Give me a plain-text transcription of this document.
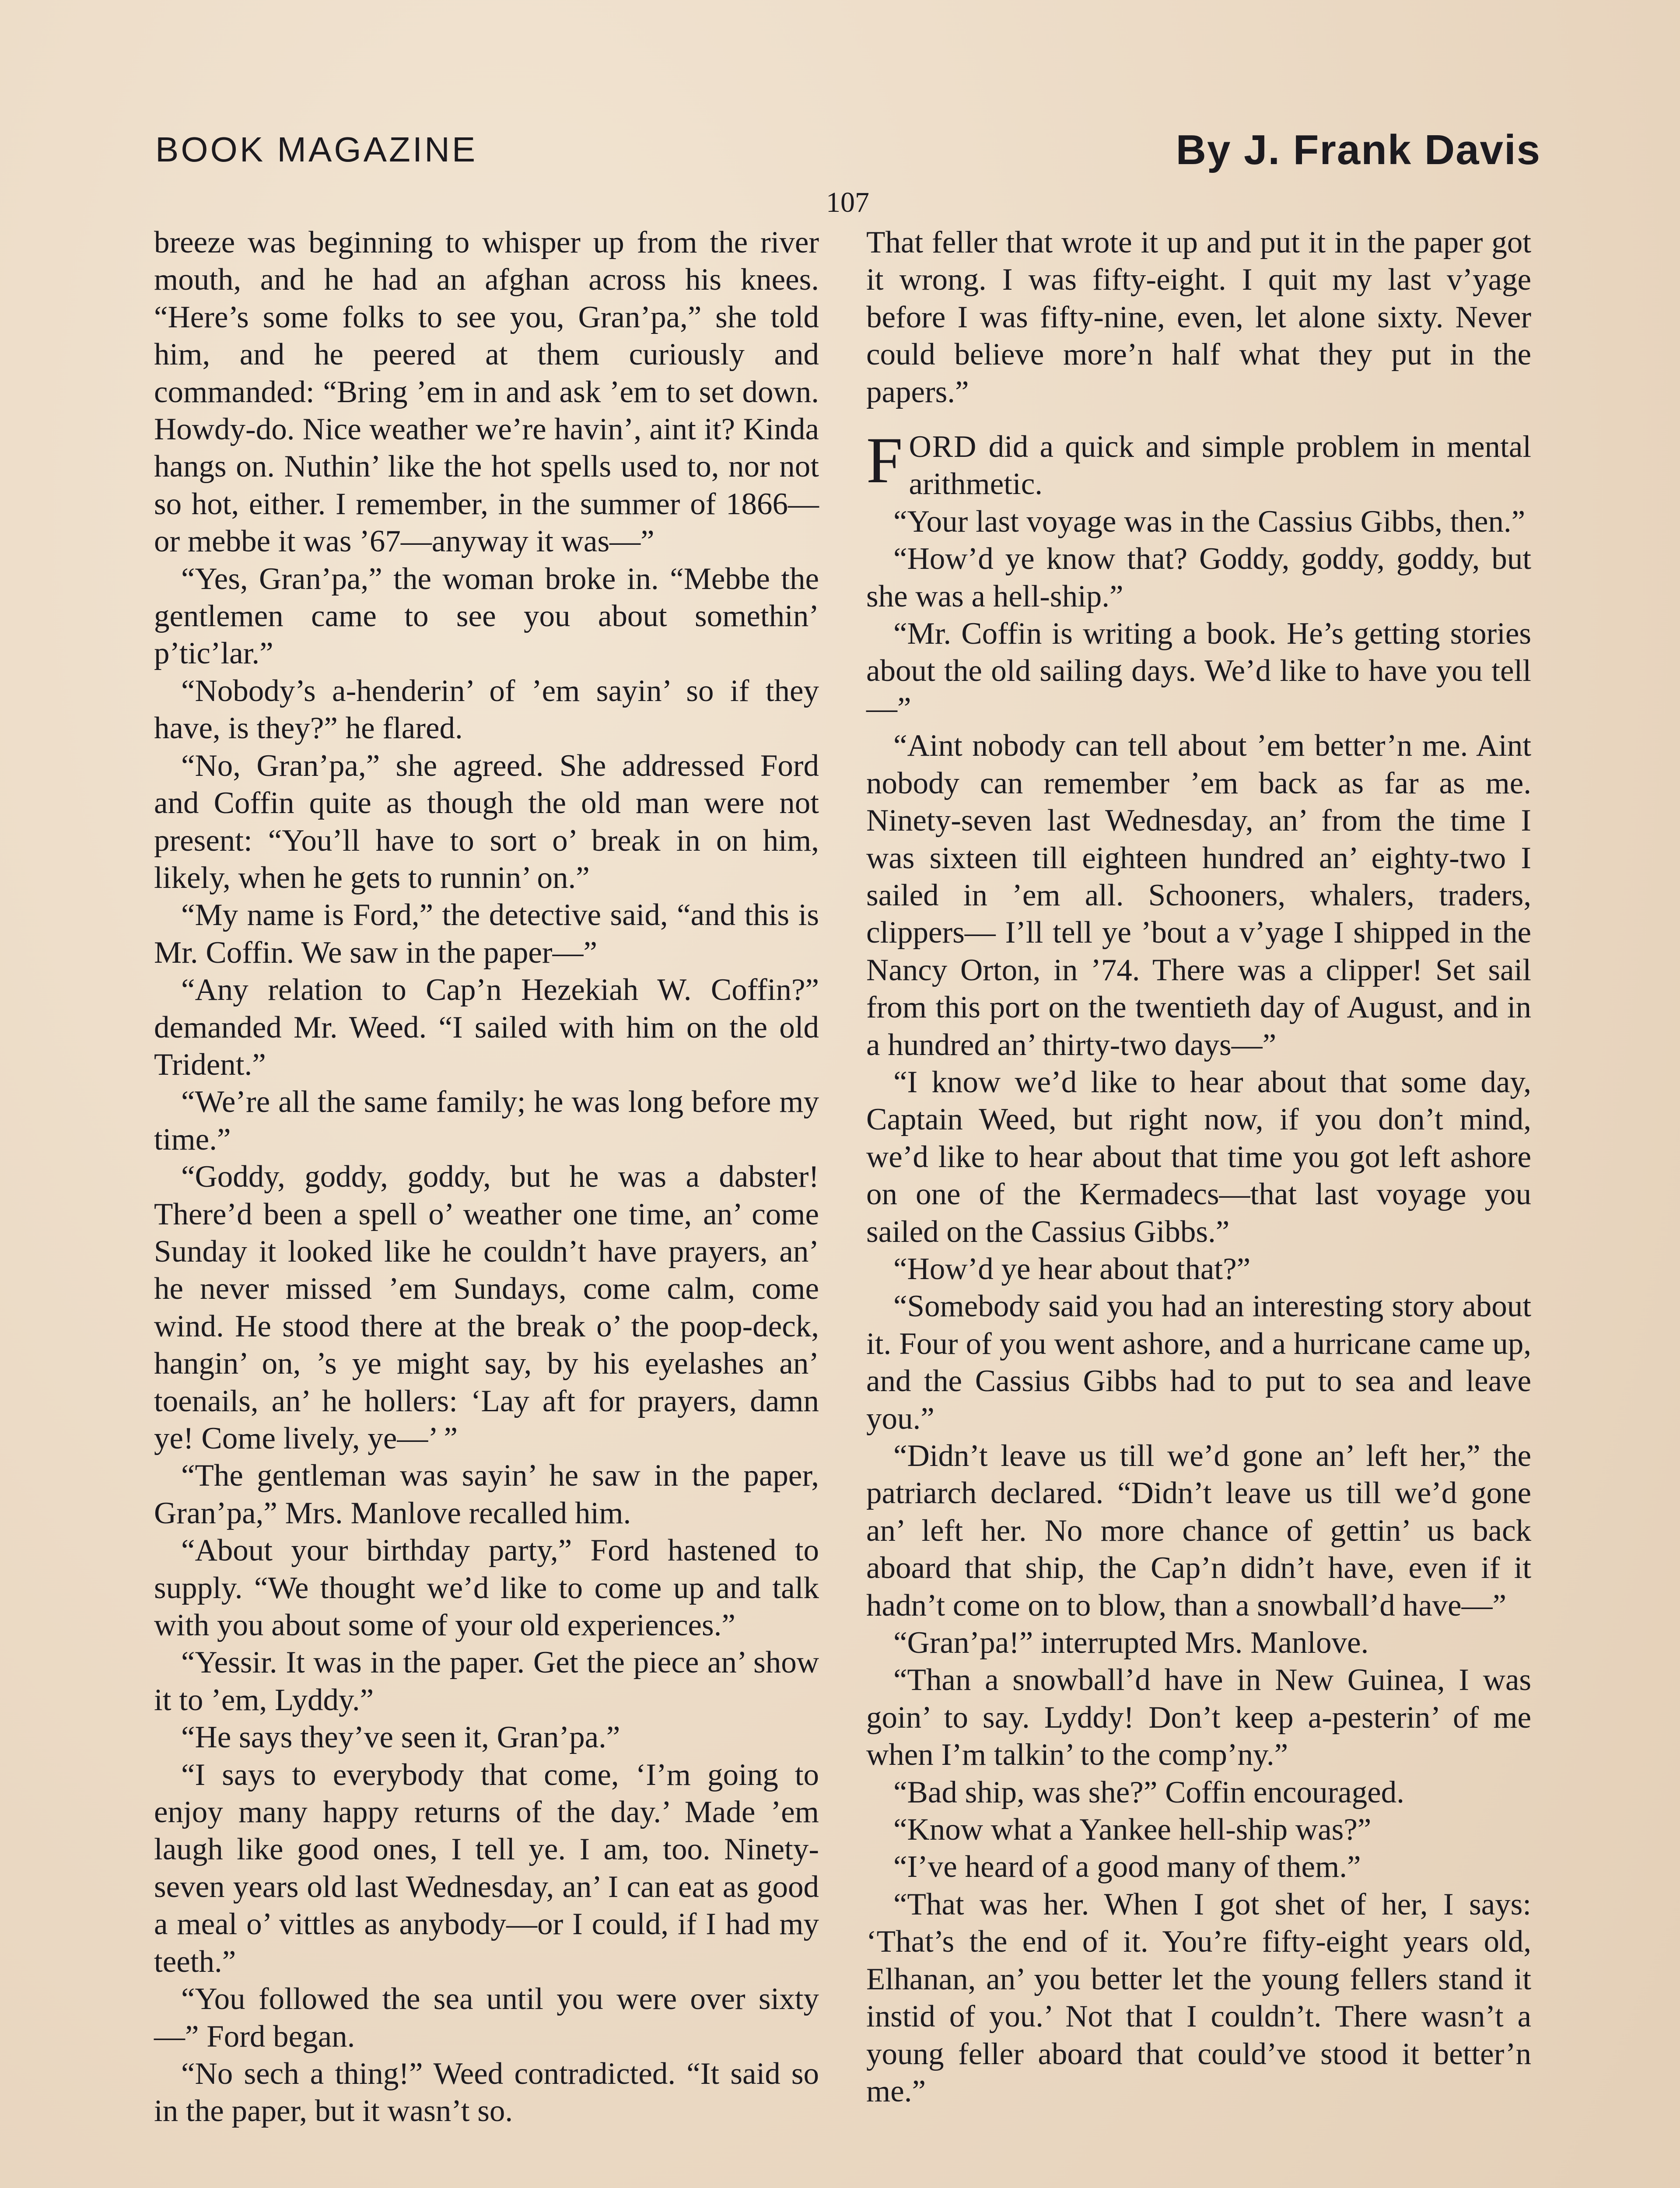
BOOK MAGAZINE	By J. Frank Davis
107

breeze was beginning to whisper up from the river mouth, and he had an afghan across his knees. “Here’s some folks to see you, Gran’pa,” she told him, and he peered at them curiously and commanded: “Bring ’em in and ask ’em to set down. Howdy-do. Nice weather we’re havin’, aint it? Kinda hangs on. Nuthin’ like the hot spells used to, nor not so hot, either. I remember, in the summer of 1866—or mebbe it was ’67—anyway it was—”

“Yes, Gran’pa,” the woman broke in. “Mebbe the gentlemen came to see you about somethin’ p’tic’lar.”

“Nobody’s a-henderin’ of ’em sayin’ so if they have, is they?” he flared.

“No, Gran’pa,” she agreed. She addressed Ford and Coffin quite as though the old man were not present: “You’ll have to sort o’ break in on him, likely, when he gets to runnin’ on.”

“My name is Ford,” the detective said, “and this is Mr. Coffin. We saw in the paper—”

“Any relation to Cap’n Hezekiah W. Coffin?” demanded Mr. Weed. “I sailed with him on the old Trident.”

“We’re all the same family; he was long before my time.”

“Goddy, goddy, goddy, but he was a dabster! There’d been a spell o’ weather one time, an’ come Sunday it looked like he couldn’t have prayers, an’ he never missed ’em Sundays, come calm, come wind. He stood there at the break o’ the poop-deck, hangin’ on, ’s ye might say, by his eyelashes an’ toenails, an’ he hollers: ‘Lay aft for prayers, damn ye! Come lively, ye—’ ”

“The gentleman was sayin’ he saw in the paper, Gran’pa,” Mrs. Manlove recalled him.

“About your birthday party,” Ford hastened to supply. “We thought we’d like to come up and talk with you about some of your old experiences.”

“Yessir. It was in the paper. Get the piece an’ show it to ’em, Lyddy.”

“He says they’ve seen it, Gran’pa.”

“I says to everybody that come, ‘I’m going to enjoy many happy returns of the day.’ Made ’em laugh like good ones, I tell ye. I am, too. Ninety-seven years old last Wednesday, an’ I can eat as good a meal o’ vittles as anybody—or I could, if I had my teeth.”

“You followed the sea until you were over sixty—” Ford began.

“No sech a thing!” Weed contradicted. “It said so in the paper, but it wasn’t so.

That feller that wrote it up and put it in the paper got it wrong. I was fifty-eight. I quit my last v’yage before I was fifty-nine, even, let alone sixty. Never could believe more’n half what they put in the papers.”

FORD did a quick and simple problem in mental arithmetic.

“Your last voyage was in the Cassius Gibbs, then.”

“How’d ye know that? Goddy, goddy, goddy, but she was a hell-ship.”

“Mr. Coffin is writing a book. He’s getting stories about the old sailing days. We’d like to have you tell—”

“Aint nobody can tell about ’em better’n me. Aint nobody can remember ’em back as far as me. Ninety-seven last Wednesday, an’ from the time I was sixteen till eighteen hundred an’ eighty-two I sailed in ’em all. Schooners, whalers, traders, clippers— I’ll tell ye ’bout a v’yage I shipped in the Nancy Orton, in ’74. There was a clipper! Set sail from this port on the twentieth day of August, and in a hundred an’ thirty-two days—”

“I know we’d like to hear about that some day, Captain Weed, but right now, if you don’t mind, we’d like to hear about that time you got left ashore on one of the Kermadecs—that last voyage you sailed on the Cassius Gibbs.”

“How’d ye hear about that?”

“Somebody said you had an interesting story about it. Four of you went ashore, and a hurricane came up, and the Cassius Gibbs had to put to sea and leave you.”

“Didn’t leave us till we’d gone an’ left her,” the patriarch declared. “Didn’t leave us till we’d gone an’ left her. No more chance of gettin’ us back aboard that ship, the Cap’n didn’t have, even if it hadn’t come on to blow, than a snowball’d have—”

“Gran’pa!” interrupted Mrs. Manlove.

“Than a snowball’d have in New Guinea, I was goin’ to say. Lyddy! Don’t keep a-pesterin’ of me when I’m talkin’ to the comp’ny.”

“Bad ship, was she?” Coffin encouraged.

“Know what a Yankee hell-ship was?”

“I’ve heard of a good many of them.”

“That was her. When I got shet of her, I says: ‘That’s the end of it. You’re fifty-eight years old, Elhanan, an’ you better let the young fellers stand it instid of you.’ Not that I couldn’t. There wasn’t a young feller aboard that could’ve stood it better’n me.”
